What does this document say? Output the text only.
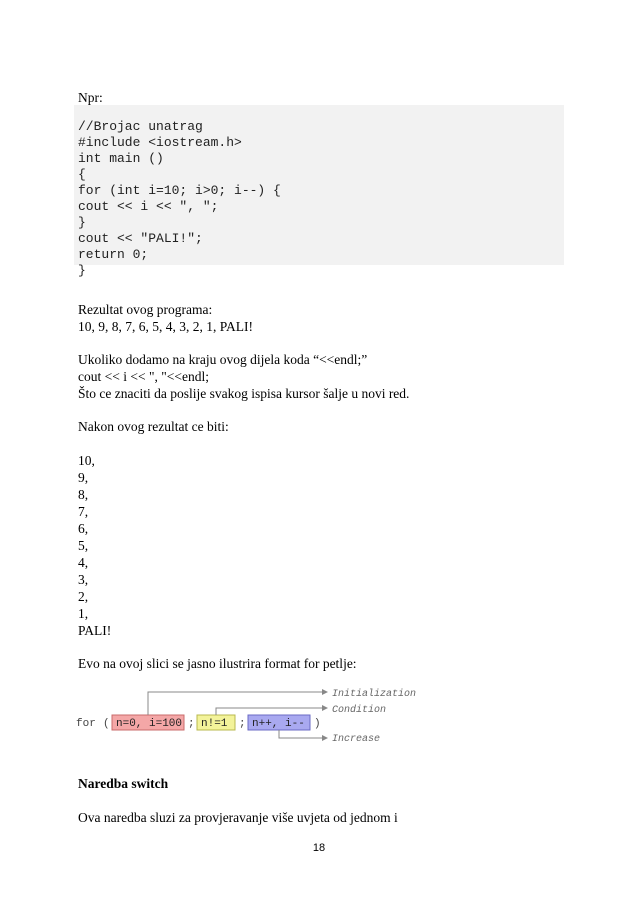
Npr:
//Brojac unatrag
#include <iostream.h>
int main ()
{
for (int i=10; i>0; i--) {
cout << i << ", ";
}
cout << "PALI!";
return 0;
}
Rezultat ovog programa:
10, 9, 8, 7, 6, 5, 4, 3, 2, 1, PALI!
Ukoliko dodamo na kraju ovog dijela koda “<<endl;”
cout << i << ", "<<endl;
Što ce znaciti da poslije svakog ispisa kursor šalje u novi red.
Nakon ovog rezultat ce biti:
10,
9,
8,
7,
6,
5,
4,
3,
2,
1,
PALI!
Evo na ovoj slici se jasno ilustrira format for petlje:
for ( n=0, i=100 ; n!=1 ; n++, i-- )
Initialization
Condition
Increase
Naredba switch
Ova naredba sluzi za provjeravanje više uvjeta od jednom i
18
